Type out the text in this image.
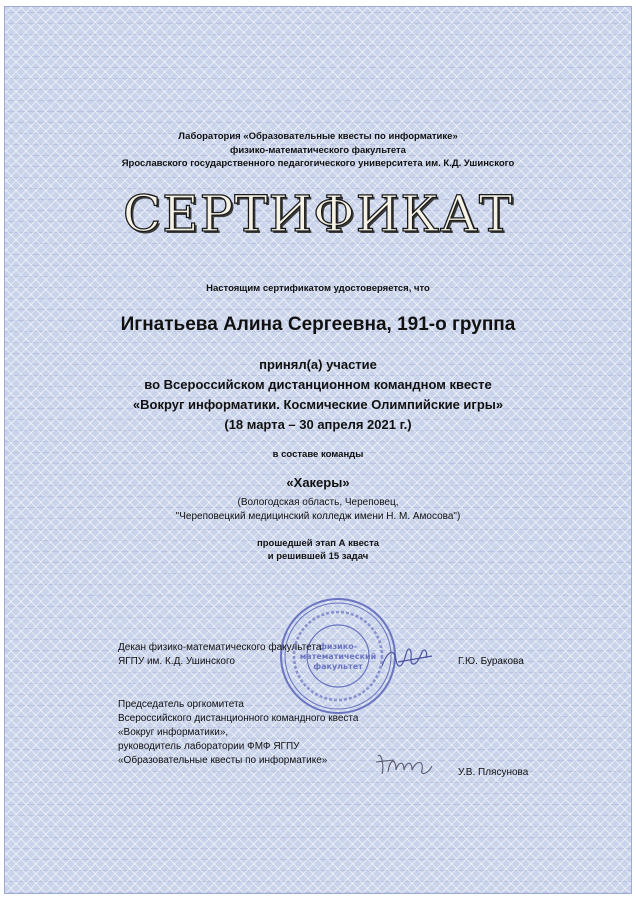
Лаборатория «Образовательные квесты по информатике»
физико-математического факультета
Ярославского государственного педагогического университета им. К.Д. Ушинского
СЕРТИФИКАТ
Настоящим сертификатом удостоверяется, что
Игнатьева Алина Сергеевна, 191-о группа
принял(а) участие
во Всероссийском дистанционном командном квесте
«Вокруг информатики. Космические Олимпийские игры»
(18 марта – 30 апреля 2021 г.)
в составе команды
«Хакеры»
(Вологодская область, Череповец,
"Череповецкий медицинский колледж имени Н. М. Амосова")
прошедшей этап А квеста
и решившей 15 задач
физико-
математический
факультет
Декан физико-математического факультета
ЯГПУ им. К.Д. Ушинского	Г.Ю. Буракова
Председатель оргкомитета
Всероссийского дистанционного командного квеста
«Вокруг информатики»,
руководитель лаборатории ФМФ ЯГПУ
«Образовательные квесты по информатике»
У.В. Плясунова
